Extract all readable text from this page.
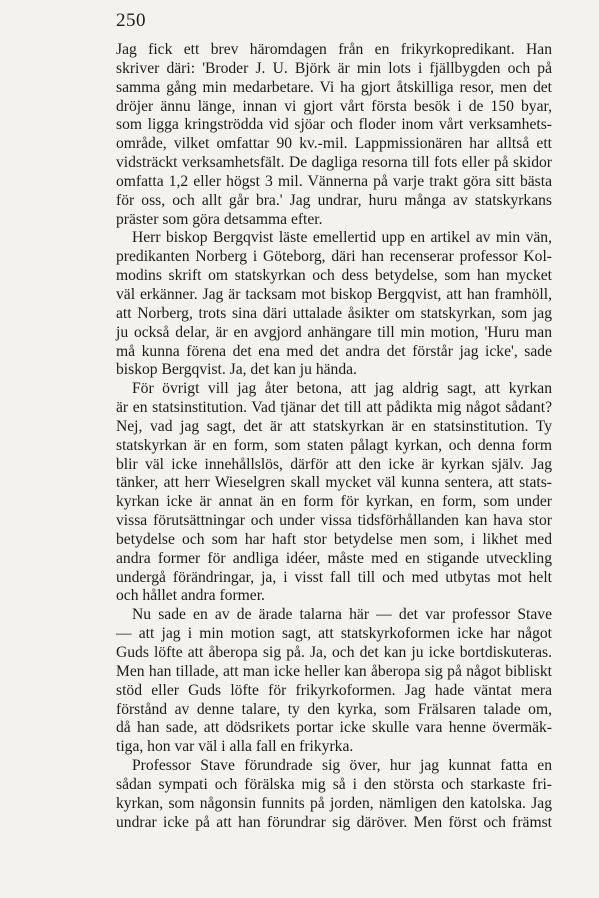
250
Jag fick ett brev häromdagen från en frikyrkopredikant. Han
skriver däri: 'Broder J. U. Björk är min lots i fjällbygden och på
samma gång min medarbetare. Vi ha gjort åtskilliga resor, men det
dröjer ännu länge, innan vi gjort vårt första besök i de 150 byar,
som ligga kringströdda vid sjöar och floder inom vårt verksamhets-
område, vilket omfattar 90 kv.-mil. Lappmissionären har alltså ett
vidsträckt verksamhetsfält. De dagliga resorna till fots eller på skidor
omfatta 1,2 eller högst 3 mil. Vännerna på varje trakt göra sitt bästa
för oss, och allt går bra.' Jag undrar, huru många av statskyrkans
präster som göra detsamma efter.
Herr biskop Bergqvist läste emellertid upp en artikel av min vän,
predikanten Norberg i Göteborg, däri han recenserar professor Kol-
modins skrift om statskyrkan och dess betydelse, som han mycket
väl erkänner. Jag är tacksam mot biskop Bergqvist, att han framhöll,
att Norberg, trots sina däri uttalade åsikter om statskyrkan, som jag
ju också delar, är en avgjord anhängare till min motion, 'Huru man
må kunna förena det ena med det andra det förstår jag icke', sade
biskop Bergqvist. Ja, det kan ju hända.
För övrigt vill jag åter betona, att jag aldrig sagt, att kyrkan
är en statsinstitution. Vad tjänar det till att pådikta mig något sådant?
Nej, vad jag sagt, det är att statskyrkan är en statsinstitution. Ty
statskyrkan är en form, som staten pålagt kyrkan, och denna form
blir väl icke innehållslös, därför att den icke är kyrkan själv. Jag
tänker, att herr Wieselgren skall mycket väl kunna sentera, att stats-
kyrkan icke är annat än en form för kyrkan, en form, som under
vissa förutsättningar och under vissa tidsförhållanden kan hava stor
betydelse och som har haft stor betydelse men som, i likhet med
andra former för andliga idéer, måste med en stigande utveckling
undergå förändringar, ja, i visst fall till och med utbytas mot helt
och hållet andra former.
Nu sade en av de ärade talarna här — det var professor Stave
— att jag i min motion sagt, att statskyrkoformen icke har något
Guds löfte att åberopa sig på. Ja, och det kan ju icke bortdiskuteras.
Men han tillade, att man icke heller kan åberopa sig på något bibliskt
stöd eller Guds löfte för frikyrkoformen. Jag hade väntat mera
förstånd av denne talare, ty den kyrka, som Frälsaren talade om,
då han sade, att dödsrikets portar icke skulle vara henne övermäk-
tiga, hon var väl i alla fall en frikyrka.
Professor Stave förundrade sig över, hur jag kunnat fatta en
sådan sympati och förälska mig så i den största och starkaste fri-
kyrkan, som någonsin funnits på jorden, nämligen den katolska. Jag
undrar icke på att han förundrar sig däröver. Men först och främst
